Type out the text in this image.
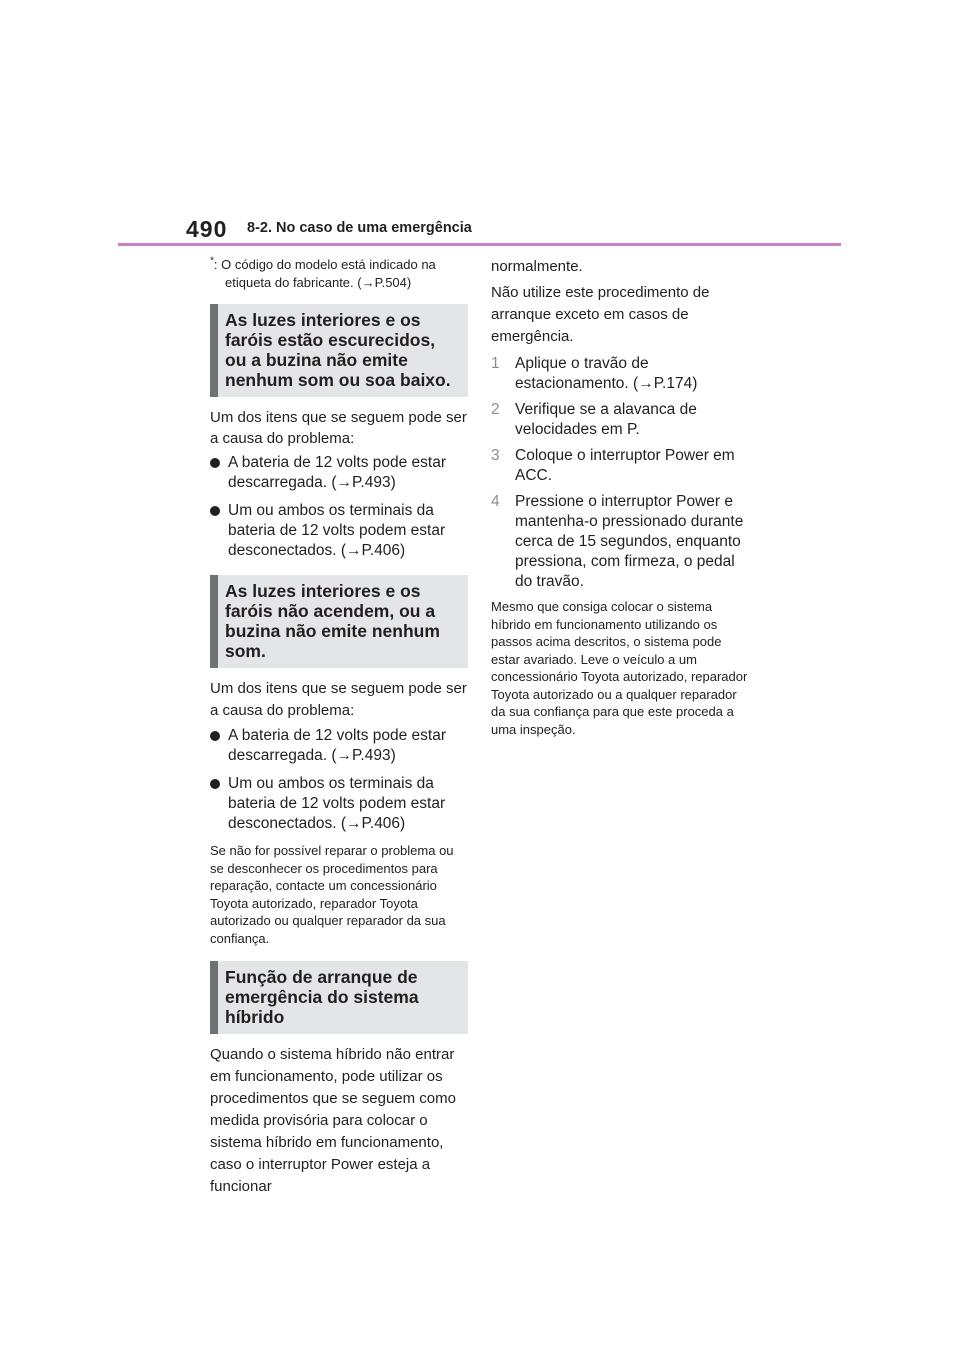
490 8-2. No caso de uma emergência
*: O código do modelo está indicado na
etiqueta do fabricante. (→P.504)
As luzes interiores e os faróis estão escurecidos, ou a buzina não emite nenhum som ou soa baixo.

Um dos itens que se seguem pode ser a causa do problema:

A bateria de 12 volts pode estar descarregada. (→P.493)
Um ou ambos os terminais da bateria de 12 volts podem estar desconectados. (→P.406)
As luzes interiores e os faróis não acendem, ou a buzina não emite nenhum som.

Um dos itens que se seguem pode ser a causa do problema:

A bateria de 12 volts pode estar descarregada. (→P.493)
Um ou ambos os terminais da bateria de 12 volts podem estar desconectados. (→P.406)

Se não for possível reparar o problema ou se desconhecer os procedimentos para reparação, contacte um concessionário Toyota autorizado, reparador Toyota autorizado ou qualquer reparador da sua confiança.

Função de arranque de emergência do sistema híbrido

Quando o sistema híbrido não entrar em funcionamento, pode utilizar os procedimentos que se seguem como medida provisória para colocar o sistema híbrido em funcionamento, caso o interruptor Power esteja a funcionar

normalmente.

Não utilize este procedimento de arranque exceto em casos de emergência.

1 Aplique o travão de estacionamento. (→P.174)
2 Verifique se a alavanca de velocidades em P.
3 Coloque o interruptor Power em ACC.
4 Pressione o interruptor Power e mantenha-o pressionado durante cerca de 15 segundos, enquanto pressiona, com firmeza, o pedal do travão.

Mesmo que consiga colocar o sistema híbrido em funcionamento utilizando os passos acima descritos, o sistema pode estar avariado. Leve o veículo a um concessionário Toyota autorizado, reparador Toyota autorizado ou a qualquer reparador da sua confiança para que este proceda a uma inspeção.
